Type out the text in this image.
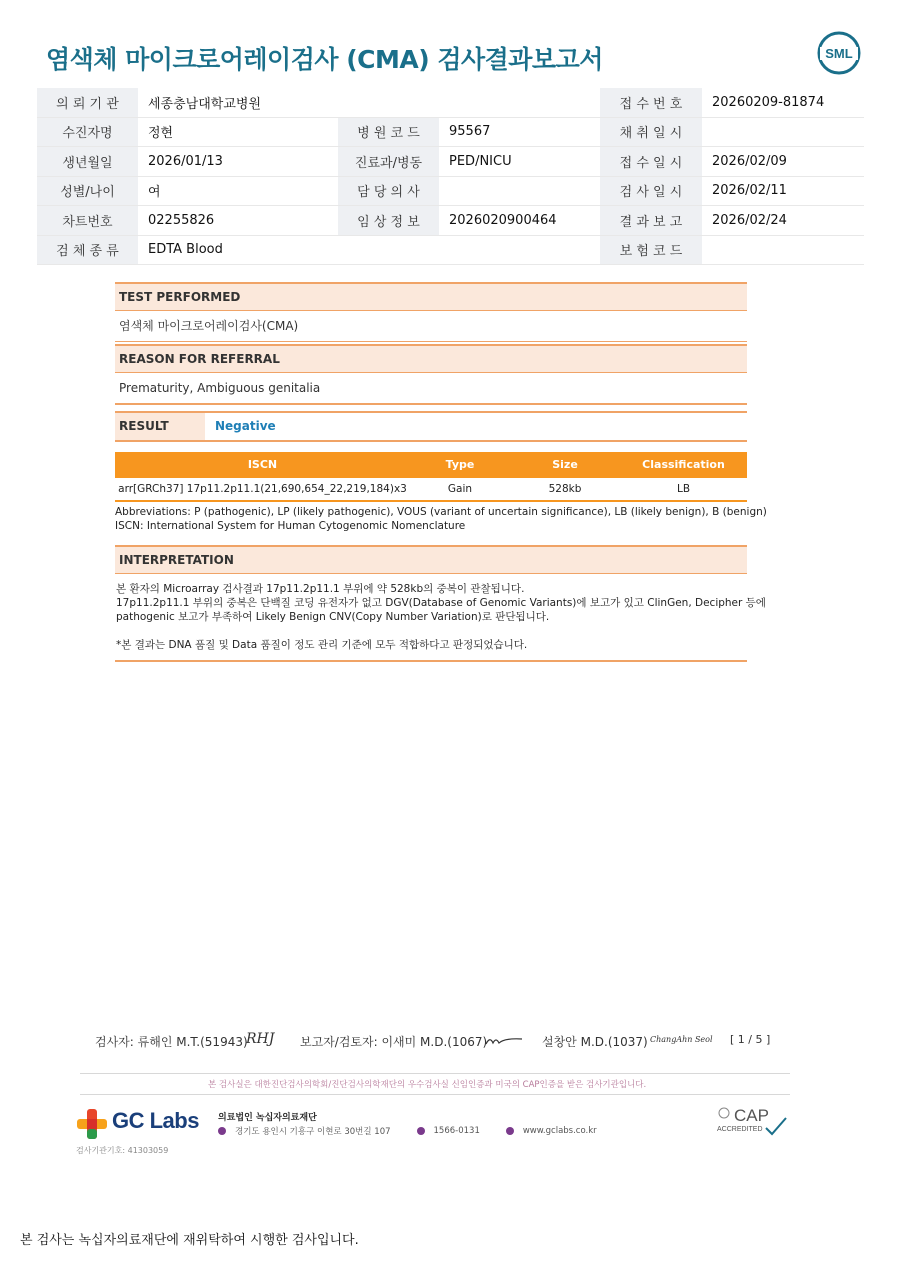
염색체 마이크로어레이검사 (CMA) 검사결과보고서	SML
의 뢰 기 관	세종충남대학교병원			접 수 번 호	20260209-81874
수진자명	정현	병 원 코 드	95567	채 취 일 시	
생년월일	2026/01/13	진료과/병동	PED/NICU	접 수 일 시	2026/02/09
성별/나이	여	담 당 의 사		검 사 일 시	2026/02/11
차트번호	02255826	임 상 정 보	2026020900464	결 과 보 고	2026/02/24
검 체 종 류	EDTA Blood			보 험 코 드	
TEST PERFORMED
염색체 마이크로어레이검사(CMA)
REASON FOR REFERRAL
Prematurity, Ambiguous genitalia
RESULT	Negative
ISCN	Type	Size	Classification
arr[GRCh37] 17p11.2p11.1(21,690,654_22,219,184)x3	Gain	528kb	LB
Abbreviations: P (pathogenic), LP (likely pathogenic), VOUS (variant of uncertain significance), LB (likely benign), B (benign)
ISCN: International System for Human Cytogenomic Nomenclature
INTERPRETATION
본 환자의 Microarray 검사결과 17p11.2p11.1 부위에 약 528kb의 중복이 관찰됩니다.
17p11.2p11.1 부위의 중복은 단백질 코딩 유전자가 없고 DGV(Database of Genomic Variants)에 보고가 있고 ClinGen, Decipher 등에
pathogenic 보고가 부족하여 Likely Benign CNV(Copy Number Variation)로 판단됩니다.
*본 결과는 DNA 품질 및 Data 품질이 정도 관리 기준에 모두 적합하다고 판정되었습니다.
검사자: 류해인 M.T.(51943)
RHJ 보고자/검토자: 이새미 M.D.(1067)	설창안 M.D.(1037) ChangAhn Seol [ 1 / 5 ]
본 검사실은 대한진단검사의학회/진단검사의학재단의 우수검사실 신임인증과 미국의 CAP인증을 받은 검사기관입니다.
GC Labs 의료법인 녹십자의료재단
경기도 용인시 기흥구 이현로 30번길 107	1566-0131	www.gclabs.co.kr
검사기관기호: 41303059
CAP
ACCREDITED
본 검사는 녹십자의료재단에 재위탁하여 시행한 검사입니다.
